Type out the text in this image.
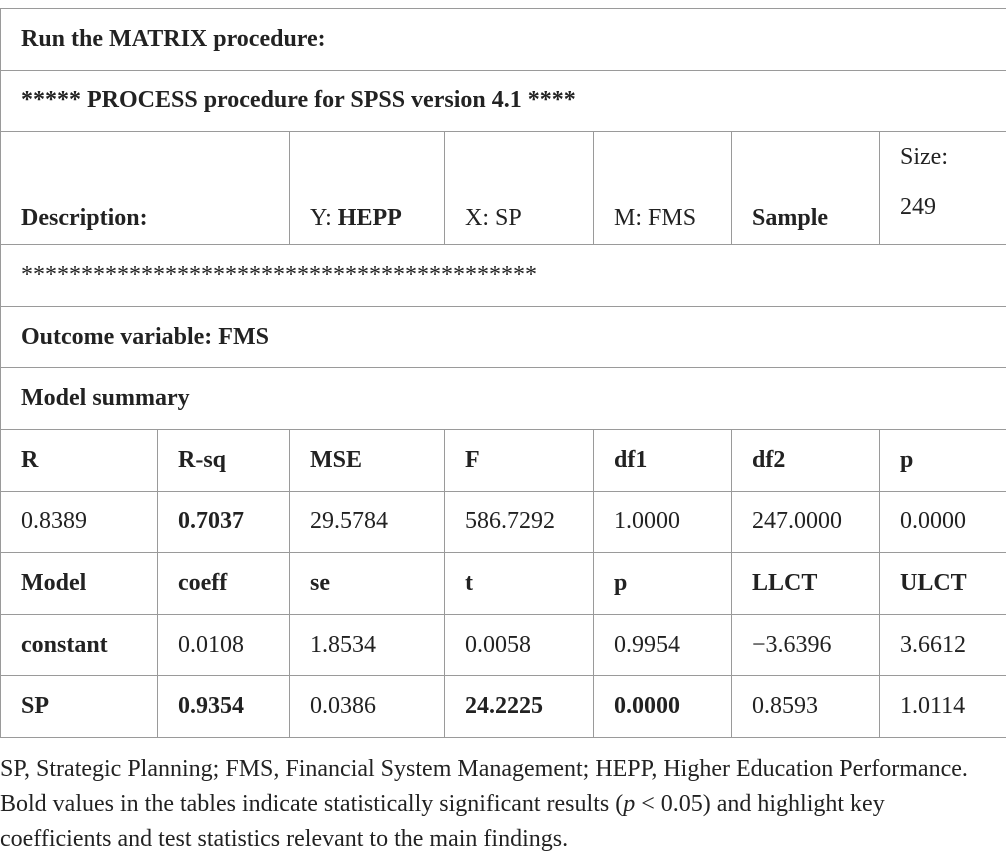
Run the MATRIX procedure:						
***** PROCESS procedure for SPSS version 4.1 ****						
Description:		Y: HEPP	X: SP	M: FMS	Sample	Size:
249
*******************************************						
Outcome variable: FMS						
Model summary						
R	R-sq	MSE	F	df1	df2	p
0.8389	0.7037	29.5784	586.7292	1.0000	247.0000	0.0000
Model	coeff	se	t	p	LLCT	ULCT
constant	0.0108	1.8534	0.0058	0.9954	−3.6396	3.6612
SP	0.9354	0.0386	24.2225	0.0000	0.8593	1.0114
SP, Strategic Planning; FMS, Financial System Management; HEPP, Higher Education Performance. Bold values in the tables indicate statistically significant results (p < 0.05) and highlight key coefficients and test statistics relevant to the main findings.
